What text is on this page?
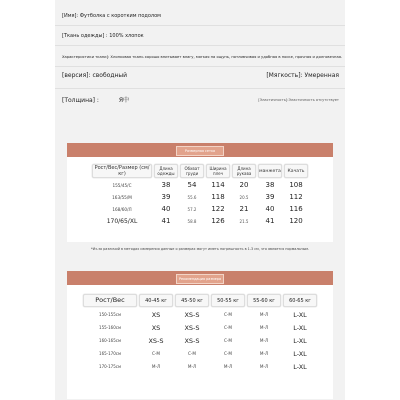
[Имя]: Футболка с коротким подолом
[Ткань одежды] : 100% хлопок
Характеристики ткани]: Хлопковая ткань хорошо впитывает влагу, мягкая на ощупь, потливчивая и удобная в носке, прочная и долговечная.
[версия]: свободный	[Мягкость]: Умеренная
[Толщина] :	Я中	[Эластичность]:Эластичность отсутствует
Размерная сетка
Рост/Вес/Размер (см/кг)	Длина одежды	Обхват груди	Ширина плеч	Длина рукава	манжета	Качать
155/45/C	38	54	114	20	38	108
163/55/M	39	55.6	118	20.5	39	112
168/60/Л	40	57.2	122	21	40	116
170/65/XL	41	58.8	126	21.5	41	120
*Из-за различий в методах измерения данные о размерах могут иметь погрешность в 1-3 см, что является нормальным.
Рекомендация размера
Рост/Вес	40-45 кг	45-50 кг	50-55 кг	55-60 кг	60-65 кг
150-155см	XS	XS-S	C-M	M-Л	L-XL
155-160см	XS	XS-S	C-M	M-Л	L-XL
160-165см	XS-S	XS-S	C-M	M-Л	L-XL
165-170см	C-M	C-M	C-M	M-Л	L-XL
170-175см	M-Л	M-Л	M-Л	M-Л	L-XL
